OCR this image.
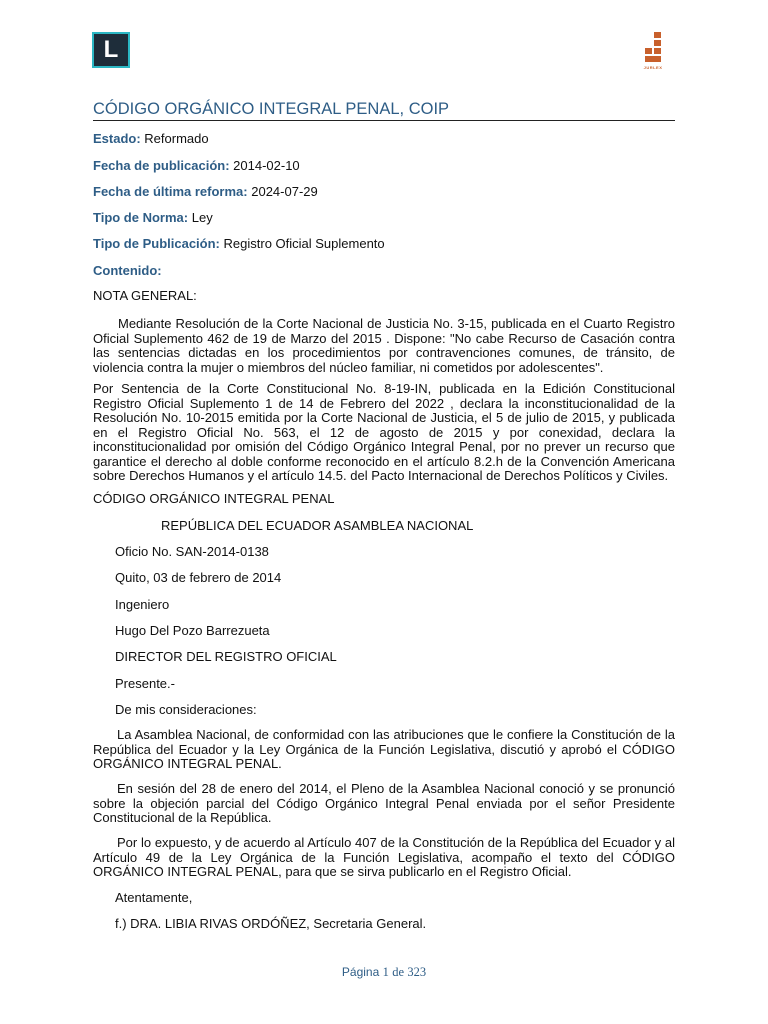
L
JURLEX
CÓDIGO ORGÁNICO INTEGRAL PENAL, COIP
Estado: Reformado
Fecha de publicación: 2014-02-10
Fecha de última reforma: 2024-07-29
Tipo de Norma: Ley
Tipo de Publicación: Registro Oficial Suplemento
Contenido:

NOTA GENERAL:

Mediante Resolución de la Corte Nacional de Justicia No. 3-15, publicada en el Cuarto Registro Oficial Suplemento 462 de 19 de Marzo del 2015 . Dispone: "No cabe Recurso de Casación contra las sentencias dictadas en los procedimientos por contravenciones comunes, de tránsito, de violencia contra la mujer o miembros del núcleo familiar, ni cometidos por adolescentes".

Por Sentencia de la Corte Constitucional No. 8-19-IN, publicada en la Edición Constitucional Registro Oficial Suplemento 1 de 14 de Febrero del 2022 , declara la inconstitucionalidad de la Resolución No. 10-2015 emitida por la Corte Nacional de Justicia, el 5 de julio de 2015, y publicada en el Registro Oficial No. 563, el 12 de agosto de 2015 y por conexidad, declara la inconstitucionalidad por omisión del Código Orgánico Integral Penal, por no prever un recurso que garantice el derecho al doble conforme reconocido en el artículo 8.2.h de la Convención Americana sobre Derechos Humanos y el artículo 14.5. del Pacto Internacional de Derechos Políticos y Civiles.

CÓDIGO ORGÁNICO INTEGRAL PENAL

REPÚBLICA DEL ECUADOR ASAMBLEA NACIONAL

Oficio No. SAN-2014-0138

Quito, 03 de febrero de 2014

Ingeniero

Hugo Del Pozo Barrezueta

DIRECTOR DEL REGISTRO OFICIAL

Presente.-

De mis consideraciones:

La Asamblea Nacional, de conformidad con las atribuciones que le confiere la Constitución de la República del Ecuador y la Ley Orgánica de la Función Legislativa, discutió y aprobó el CÓDIGO ORGÁNICO INTEGRAL PENAL.

En sesión del 28 de enero del 2014, el Pleno de la Asamblea Nacional conoció y se pronunció sobre la objeción parcial del Código Orgánico Integral Penal enviada por el señor Presidente Constitucional de la República.

Por lo expuesto, y de acuerdo al Artículo 407 de la Constitución de la República del Ecuador y al Artículo 49 de la Ley Orgánica de la Función Legislativa, acompaño el texto del CÓDIGO ORGÁNICO INTEGRAL PENAL, para que se sirva publicarlo en el Registro Oficial.

Atentamente,

f.) DRA. LIBIA RIVAS ORDÓÑEZ, Secretaria General.

Página 1 de 323
